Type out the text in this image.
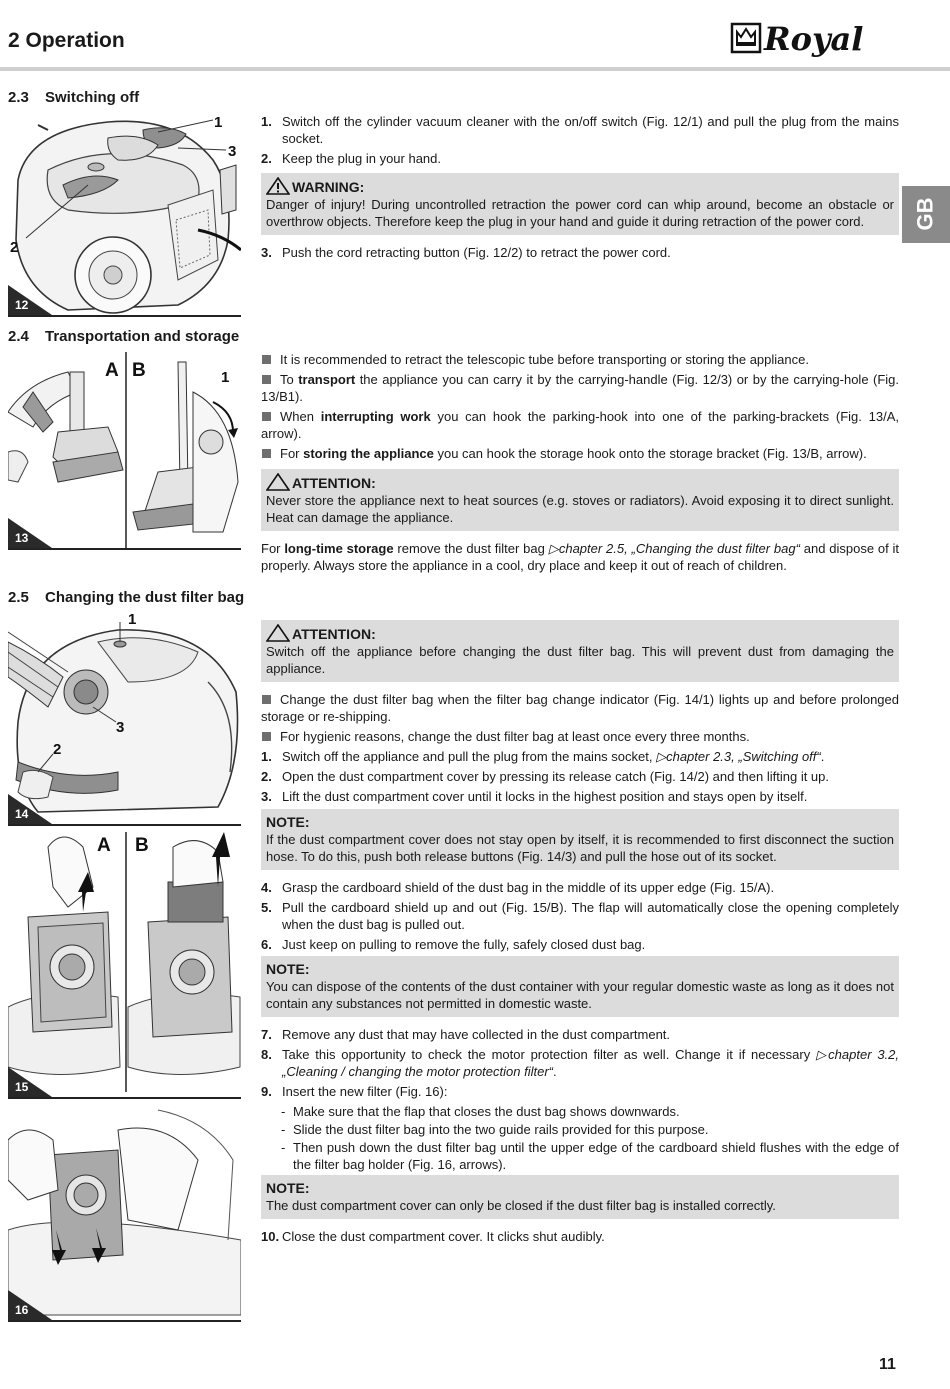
2 Operation	Royal
GB
2.3 Switching off
1
3
2
12
1. Switch off the cylinder vacuum cleaner with the on/off switch (Fig. 12/1) and pull the plug from the mains socket.
2. Keep the plug in your hand.
WARNING:
Danger of injury! During uncontrolled retraction the power cord can whip around, become an obstacle or overthrow objects. Therefore keep the plug in your hand and guide it during retraction of the power cord.
3. Push the cord retracting button (Fig. 12/2) to retract the power cord.
2.4 Transportation and storage
A B	1
13
It is recommended to retract the telescopic tube before transporting or storing the appliance.
To transport the appliance you can carry it by the carrying-handle (Fig. 12/3) or by the carrying-hole (Fig. 13/B1).
When interrupting work you can hook the parking-hook into one of the parking-brackets (Fig. 13/A, arrow).
For storing the appliance you can hook the storage hook onto the storage bracket (Fig. 13/B, arrow).
ATTENTION:
Never store the appliance next to heat sources (e.g. stoves or radiators). Avoid exposing it to direct sunlight. Heat can damage the appliance.
For long-time storage remove the dust filter bag ▷chapter 2.5, „Changing the dust filter bag“ and dispose of it properly. Always store the appliance in a cool, dry place and keep it out of reach of children.
2.5 Changing the dust filter bag
1
3
2
14
A B
15
16
ATTENTION:
Switch off the appliance before changing the dust filter bag. This will prevent dust from damaging the appliance.
Change the dust filter bag when the filter bag change indicator (Fig. 14/1) lights up and before prolonged storage or re-shipping.
For hygienic reasons, change the dust filter bag at least once every three months.
1. Switch off the appliance and pull the plug from the mains socket, ▷chapter 2.3, „Switching off“.
2. Open the dust compartment cover by pressing its release catch (Fig. 14/2) and then lifting it up.
3. Lift the dust compartment cover until it locks in the highest position and stays open by itself.
NOTE:
If the dust compartment cover does not stay open by itself, it is recommended to first disconnect the suction hose. To do this, push both release buttons (Fig. 14/3) and pull the hose out of its socket.
4. Grasp the cardboard shield of the dust bag in the middle of its upper edge (Fig. 15/A).
5. Pull the cardboard shield up and out (Fig. 15/B). The flap will automatically close the opening completely when the dust bag is pulled out.
6. Just keep on pulling to remove the fully, safely closed dust bag.
NOTE:
You can dispose of the contents of the dust container with your regular domestic waste as long as it does not contain any substances not permitted in domestic waste.
7. Remove any dust that may have collected in the dust compartment.
8. Take this opportunity to check the motor protection filter as well. Change it if necessary ▷chapter 3.2, „Cleaning / changing the motor protection filter“.
9. Insert the new filter (Fig. 16):
- Make sure that the flap that closes the dust bag shows downwards.
- Slide the dust filter bag into the two guide rails provided for this purpose.
- Then push down the dust filter bag until the upper edge of the cardboard shield flushes with the edge of the filter bag holder (Fig. 16, arrows).
NOTE:
The dust compartment cover can only be closed if the dust filter bag is installed correctly.
10. Close the dust compartment cover. It clicks shut audibly.
11
